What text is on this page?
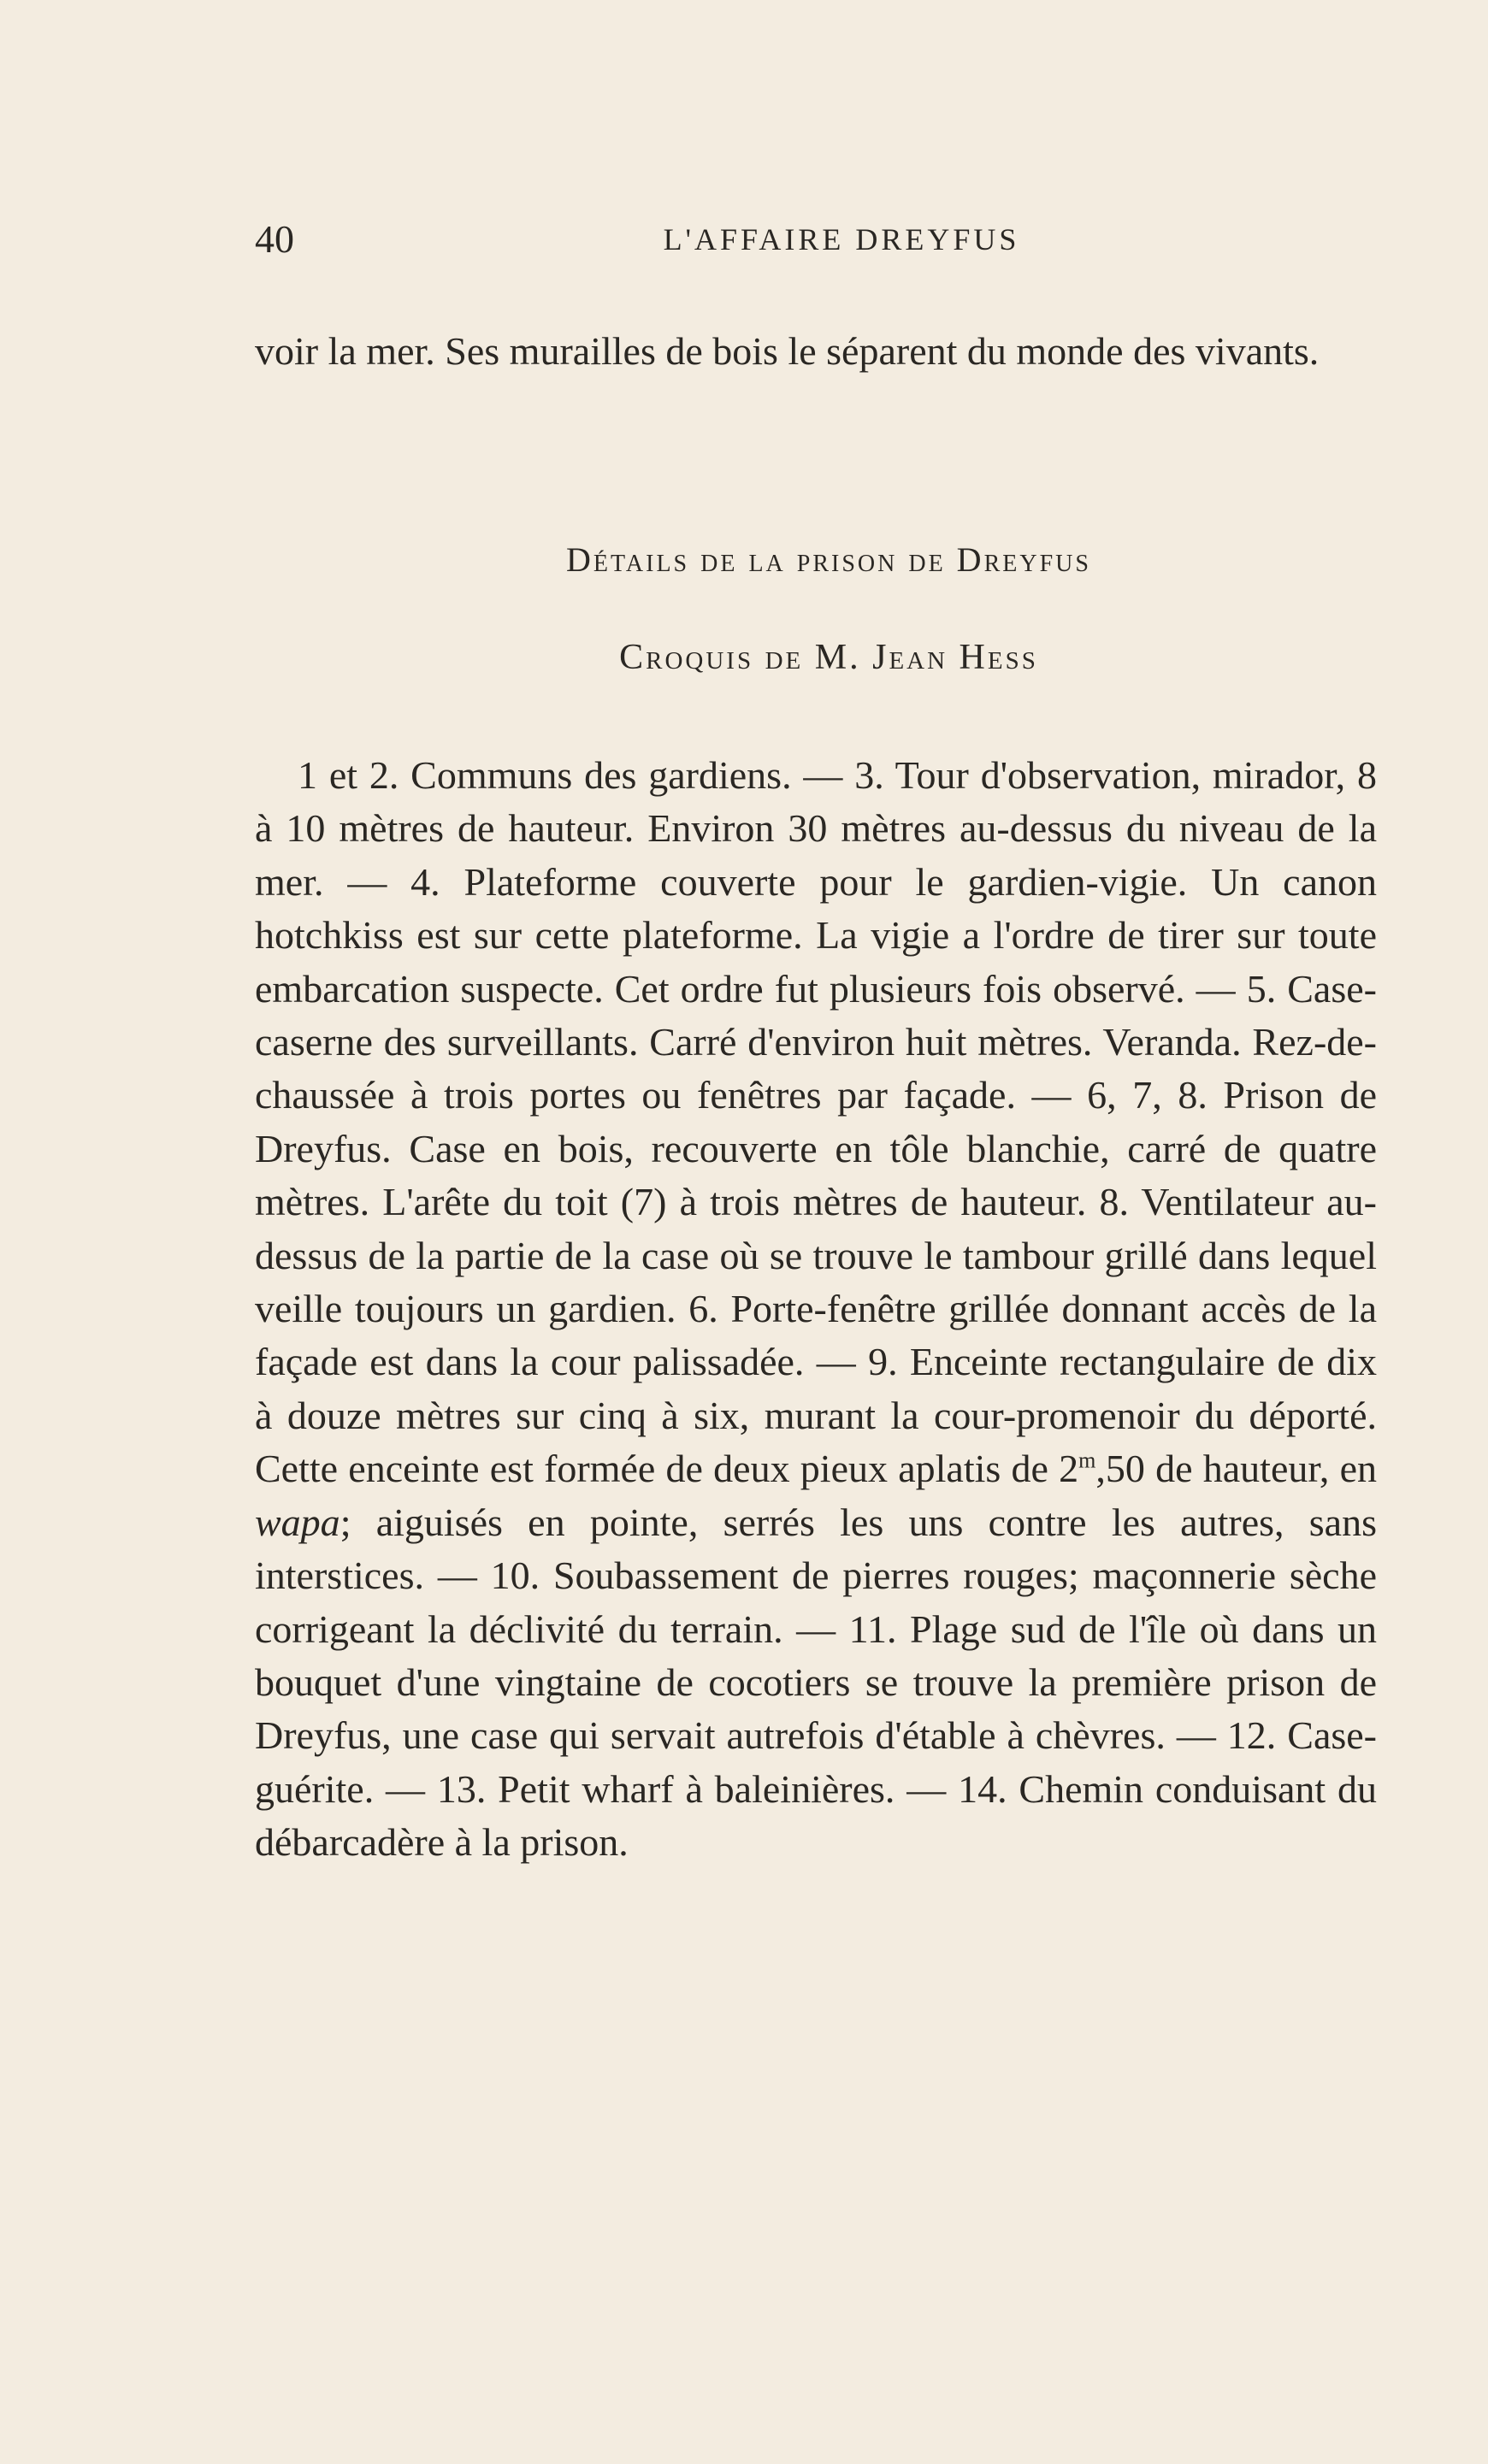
40	L'AFFAIRE DREYFUS

voir la mer. Ses murailles de bois le séparent du monde des vivants.

Détails de la prison de Dreyfus
Croquis de M. Jean Hess

1 et 2. Communs des gardiens. — 3. Tour d'observation, mirador, 8 à 10 mètres de hauteur. Environ 30 mètres au-dessus du niveau de la mer. — 4. Plateforme couverte pour le gardien-vigie. Un canon hotchkiss est sur cette plateforme. La vigie a l'ordre de tirer sur toute embarcation suspecte. Cet ordre fut plusieurs fois observé. — 5. Case-caserne des surveillants. Carré d'environ huit mètres. Veranda. Rez-de-chaussée à trois portes ou fenêtres par façade. — 6, 7, 8. Prison de Dreyfus. Case en bois, recouverte en tôle blanchie, carré de quatre mètres. L'arête du toit (7) à trois mètres de hauteur. 8. Ventilateur au-dessus de la partie de la case où se trouve le tambour grillé dans lequel veille toujours un gardien. 6. Porte-fenêtre grillée donnant accès de la façade est dans la cour palissadée. — 9. Enceinte rectangulaire de dix à douze mètres sur cinq à six, murant la cour-promenoir du déporté. Cette enceinte est formée de deux pieux aplatis de 2$^m$,50 de hauteur, en wapa; aiguisés en pointe, serrés les uns contre les autres, sans interstices. — 10. Soubassement de pierres rouges; maçonnerie sèche corrigeant la déclivité du terrain. — 11. Plage sud de l'île où dans un bouquet d'une vingtaine de cocotiers se trouve la première prison de Dreyfus, une case qui servait autrefois d'étable à chèvres. — 12. Case-guérite. — 13. Petit wharf à baleinières. — 14. Chemin conduisant du débarcadère à la prison.
